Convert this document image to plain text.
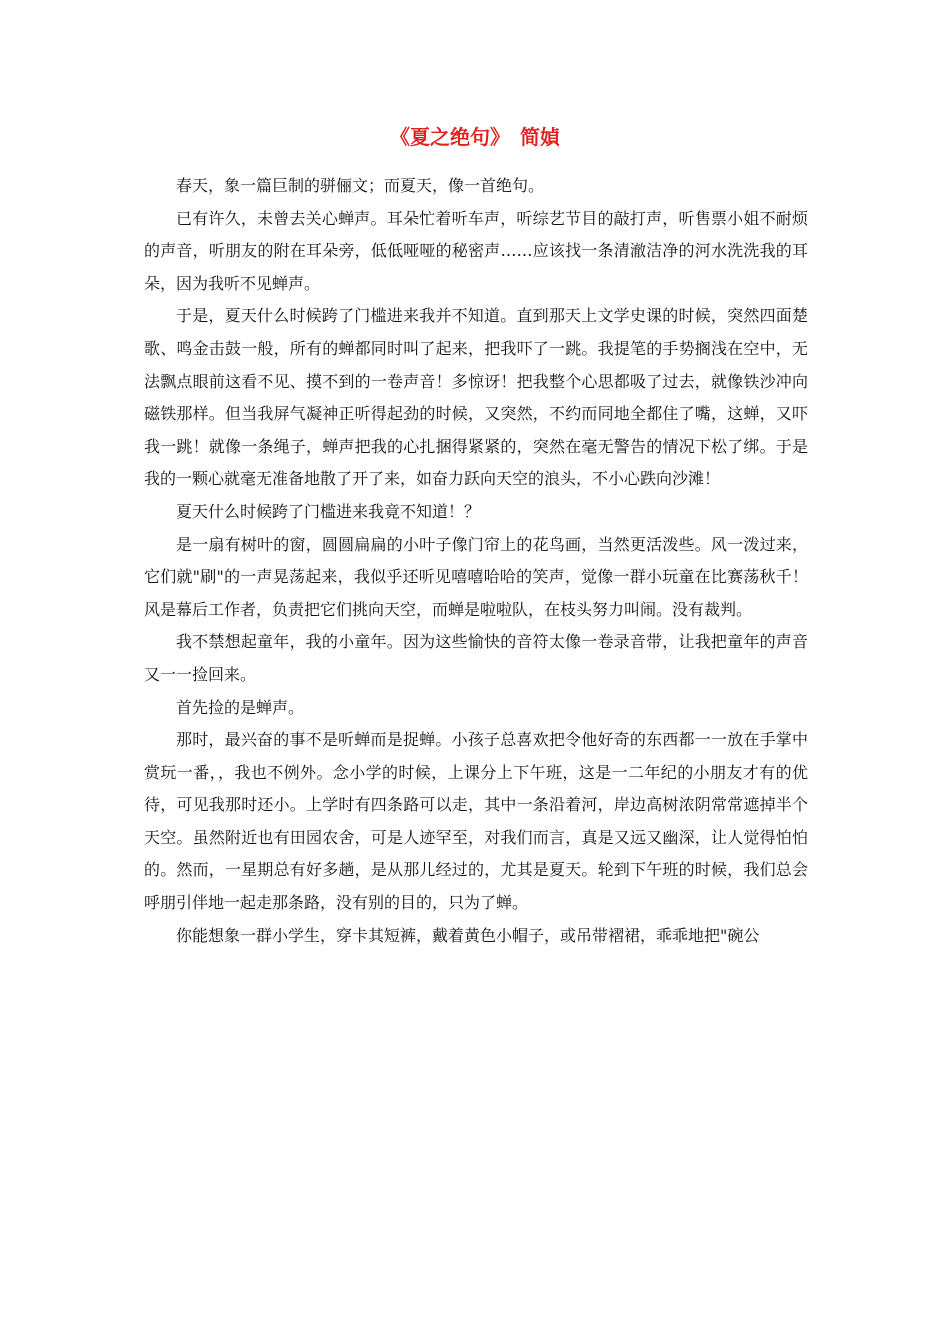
《夏之绝句》　简媜

春天，象一篇巨制的骈俪文；而夏天，像一首绝句。

已有许久，未曾去关心蝉声。耳朵忙着听车声，听综艺节目的敲打声，听售票小姐不耐烦的声音，听朋友的附在耳朵旁，低低哑哑的秘密声……应该找一条清澈洁净的河水洗洗我的耳朵，因为我听不见蝉声。

于是，夏天什么时候跨了门槛进来我并不知道。直到那天上文学史课的时候，突然四面楚歌、鸣金击鼓一般，所有的蝉都同时叫了起来，把我吓了一跳。我提笔的手势搁浅在空中，无法飘点眼前这看不见、摸不到的一卷声音！多惊讶！把我整个心思都吸了过去，就像铁沙冲向磁铁那样。但当我屏气凝神正听得起劲的时候，又突然，不约而同地全都住了嘴，这蝉，又吓我一跳！就像一条绳子，蝉声把我的心扎捆得紧紧的，突然在毫无警告的情况下松了绑。于是我的一颗心就毫无准备地散了开了来，如奋力跃向天空的浪头，不小心跌向沙滩！

夏天什么时候跨了门槛进来我竟不知道！？

是一扇有树叶的窗，圆圆扁扁的小叶子像门帘上的花鸟画，当然更活泼些。风一泼过来，它们就"刷"的一声晃荡起来，我似乎还听见嘻嘻哈哈的笑声，觉像一群小玩童在比赛荡秋千！风是幕后工作者，负责把它们挑向天空，而蝉是啦啦队，在枝头努力叫闹。没有裁判。

我不禁想起童年，我的小童年。因为这些愉快的音符太像一卷录音带，让我把童年的声音又一一捡回来。

首先捡的是蝉声。

那时，最兴奋的事不是听蝉而是捉蝉。小孩子总喜欢把令他好奇的东西都一一放在手掌中赏玩一番，，我也不例外。念小学的时候，上课分上下午班，这是一二年纪的小朋友才有的优待，可见我那时还小。上学时有四条路可以走，其中一条沿着河，岸边高树浓阴常常遮掉半个天空。虽然附近也有田园农舍，可是人迹罕至，对我们而言，真是又远又幽深，让人觉得怕怕的。然而，一星期总有好多趟，是从那儿经过的，尤其是夏天。轮到下午班的时候，我们总会呼朋引伴地一起走那条路，没有别的目的，只为了蝉。

你能想象一群小学生，穿卡其短裤，戴着黄色小帽子，或吊带褶裙，乖乖地把"碗公
